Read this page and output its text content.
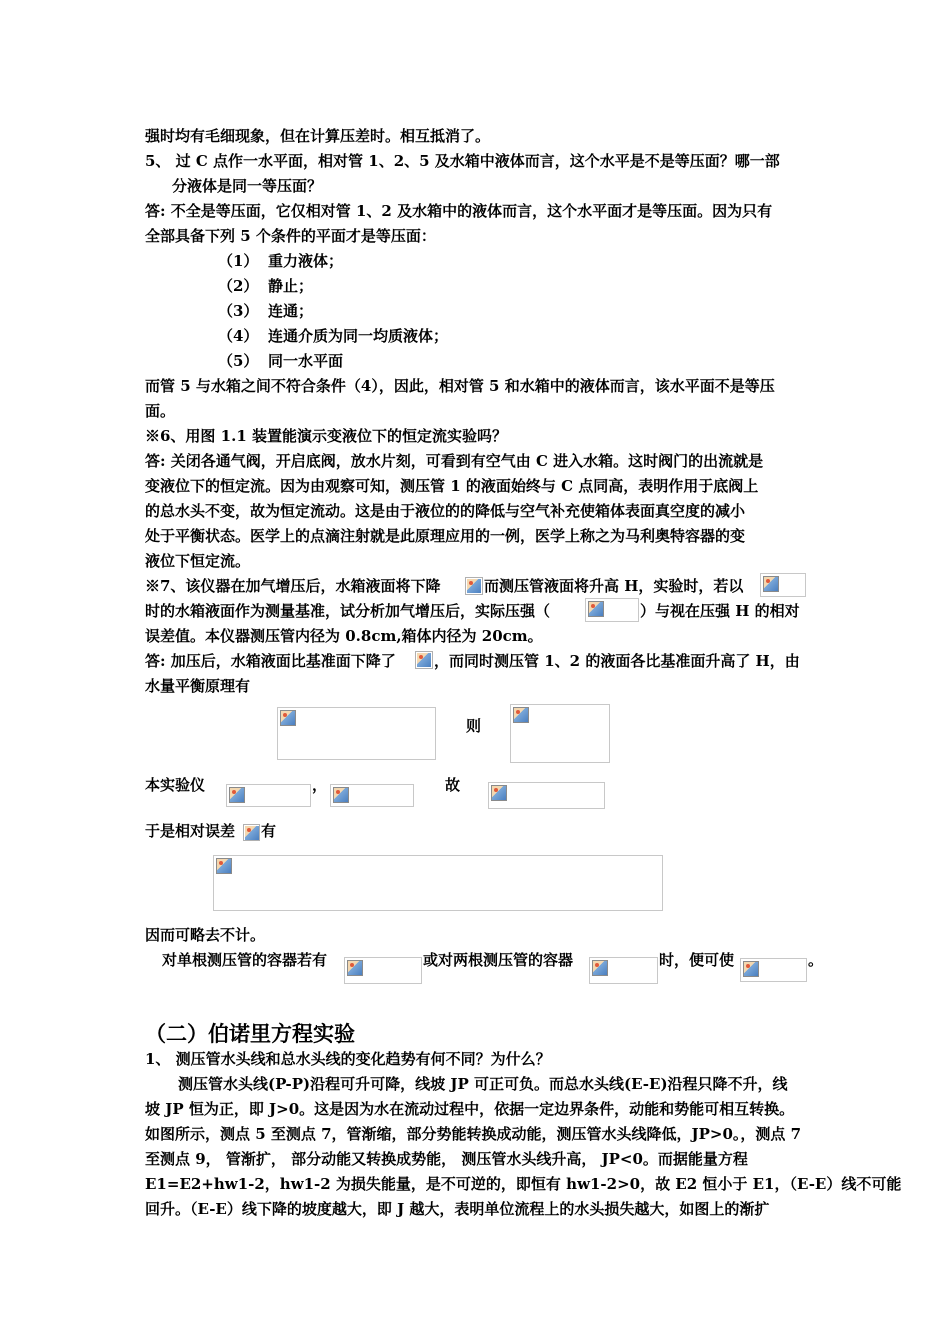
强时均有毛细现象，但在计算压差时。相互抵消了。
5、 过 C 点作一水平面，相对管 1、2、5 及水箱中液体而言，这个水平是不是等压面？哪一部
分液体是同一等压面？
答: 不全是等压面，它仅相对管 1、2 及水箱中的液体而言，这个水平面才是等压面。因为只有
全部具备下列 5 个条件的平面才是等压面：
（1） 重力液体；
（2） 静止；
（3） 连通；
（4） 连通介质为同一均质液体；
（5） 同一水平面
而管 5 与水箱之间不符合条件（4），因此，相对管 5 和水箱中的液体而言，该水平面不是等压
面。
※6、用图 1.1 装置能演示变液位下的恒定流实验吗？
答: 关闭各通气阀，开启底阀，放水片刻，可看到有空气由 C 进入水箱。这时阀门的出流就是
变液位下的恒定流。因为由观察可知，测压管 1 的液面始终与 C 点同高，表明作用于底阀上
的总水头不变，故为恒定流动。这是由于液位的的降低与空气补充使箱体表面真空度的减小
处于平衡状态。医学上的点滴注射就是此原理应用的一例，医学上称之为马利奥特容器的变
液位下恒定流。
※7、该仪器在加气增压后，水箱液面将下降	而测压管液面将升高 H，实验时，若以
时的水箱液面作为测量基准，试分析加气增压后，实际压强（	）与视在压强 H 的相对
误差值。本仪器测压管内径为 0.8cm,箱体内径为 20cm。
答: 加压后，水箱液面比基准面下降了	，而同时测压管 1、2 的液面各比基准面升高了 H，由
水量平衡原理有
则
本实验仪	，	故
于是相对误差 有
因而可略去不计。
对单根测压管的容器若有	或对两根测压管的容器	时，便可使	。
（二）伯诺里方程实验
1、 测压管水头线和总水头线的变化趋势有何不同？为什么？
测压管水头线(P-P)沿程可升可降，线坡 JP 可正可负。而总水头线(E-E)沿程只降不升，线
坡 JP 恒为正，即 J>0。这是因为水在流动过程中，依据一定边界条件，动能和势能可相互转换。
如图所示，测点 5 至测点 7，管渐缩，部分势能转换成动能，测压管水头线降低，JP>0。，测点 7
至测点 9， 管渐扩， 部分动能又转换成势能， 测压管水头线升高， JP<0。而据能量方程
E1=E2+hw1-2，hw1-2 为损失能量，是不可逆的，即恒有 hw1-2>0，故 E2 恒小于 E1，（E-E）线不可能
回升。（E-E）线下降的坡度越大，即 J 越大，表明单位流程上的水头损失越大，如图上的渐扩
